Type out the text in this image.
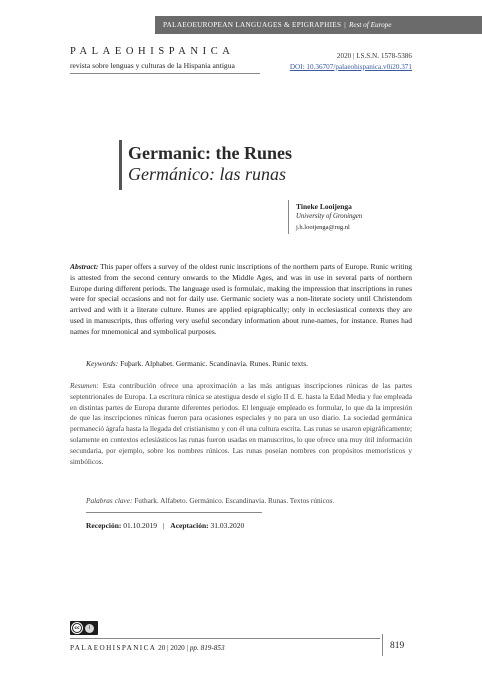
PALAEOEUROPEAN LANGUAGES & EPIGRAPHIES | Rest of Europe
PALAEOHISPANICA
revista sobre lenguas y culturas de la Hispania antigua
2020 | I.S.S.N. 1578-5386
DOI: 10.36707/palaeohispanica.v0i20.371
Germanic: the Runes
Germánico: las runas
Tineke Looijenga
University of Groningen
j.h.looijenga@rug.nl
Abstract: This paper offers a survey of the oldest runic inscriptions of the northern parts of Europe. Runic writing is attested from the second century onwards to the Middle Ages, and was in use in several parts of northern Europe during different periods. The language used is formulaic, making the impression that inscriptions in runes were for special occasions and not for daily use. Germanic society was a non-literate society until Christendom arrived and with it a literate culture. Runes are applied epigraphically; only in ecclesiastical contexts they are used in manuscripts, thus offering very useful secondary information about rune-names, for instance. Runes had names for mnemonical and symbolical purposes.
Keywords: Fuþark. Alphabet. Germanic. Scandinavia. Runes. Runic texts.
Resumen: Esta contribución ofrece una aproximación a las más antiguas inscripciones rúnicas de las partes septentrionales de Europa. La escritura rúnica se atestigua desde el siglo II d. E. hasta la Edad Media y fue empleada en distintas partes de Europa durante diferentes periodos. El lenguaje empleado es formular, lo que da la impresión de que las inscripciones rúnicas fueron para ocasiones especiales y no para un uso diario. La sociedad germánica permaneció ágrafa hasta la llegada del cristianismo y con él una cultura escrita. Las runas se usaron epigráficamente; solamente en contextos eclesiásticos las runas fueron usadas en manuscritos, lo que ofrece una muy útil información secundaria, por ejemplo, sobre los nombres rúnicos. Las runas poseían nombres con propósitos memorísticos y simbólicos.
Palabras clave: Futhark. Alfabeto. Germánico. Escandinavia. Runas. Textos rúnicos.
Recepción: 01.10.2019 | Aceptación: 31.03.2020
cc	i
PALAEOHISPANICA 20 | 2020 | pp. 819-853	819
